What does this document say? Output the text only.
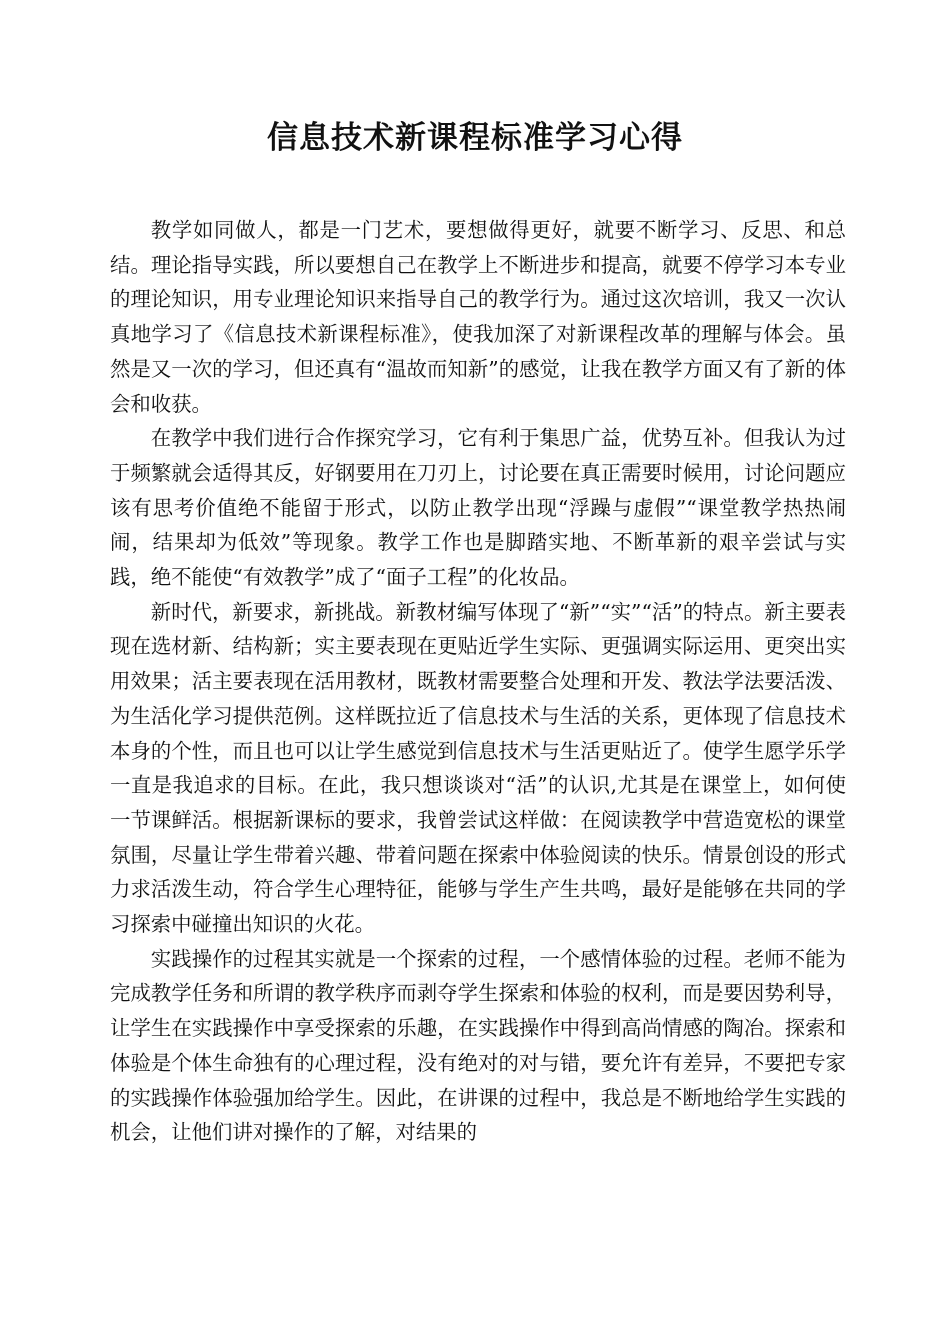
信息技术新课程标准学习心得

教学如同做人，都是一门艺术，要想做得更好，就要不断学习、反思、和总结。理论指导实践，所以要想自己在教学上不断进步和提高，就要不停学习本专业的理论知识，用专业理论知识来指导自己的教学行为。通过这次培训，我又一次认真地学习了《信息技术新课程标准》，使我加深了对新课程改革的理解与体会。虽然是又一次的学习，但还真有“温故而知新”的感觉，让我在教学方面又有了新的体会和收获。

在教学中我们进行合作探究学习，它有利于集思广益，优势互补。但我认为过于频繁就会适得其反，好钢要用在刀刃上，讨论要在真正需要时候用，讨论问题应该有思考价值绝不能留于形式，以防止教学出现“浮躁与虚假”“课堂教学热热闹闹，结果却为低效”等现象。教学工作也是脚踏实地、不断革新的艰辛尝试与实践，绝不能使“有效教学”成了“面子工程”的化妆品。

新时代，新要求，新挑战。新教材编写体现了“新”“实”“活”的特点。新主要表现在选材新、结构新；实主要表现在更贴近学生实际、更强调实际运用、更突出实用效果；活主要表现在活用教材，既教材需要整合处理和开发、教法学法要活泼、为生活化学习提供范例。这样既拉近了信息技术与生活的关系，更体现了信息技术本身的个性，而且也可以让学生感觉到信息技术与生活更贴近了。使学生愿学乐学一直是我追求的目标。在此，我只想谈谈对“活”的认识,尤其是在课堂上，如何使一节课鲜活。根据新课标的要求，我曾尝试这样做：在阅读教学中营造宽松的课堂氛围，尽量让学生带着兴趣、带着问题在探索中体验阅读的快乐。情景创设的形式力求活泼生动，符合学生心理特征，能够与学生产生共鸣，最好是能够在共同的学习探索中碰撞出知识的火花。

实践操作的过程其实就是一个探索的过程，一个感情体验的过程。老师不能为完成教学任务和所谓的教学秩序而剥夺学生探索和体验的权利，而是要因势利导，让学生在实践操作中享受探索的乐趣，在实践操作中得到高尚情感的陶冶。探索和体验是个体生命独有的心理过程，没有绝对的对与错，要允许有差异，不要把专家的实践操作体验强加给学生。因此，在讲课的过程中，我总是不断地给学生实践的机会，让他们讲对操作的了解，对结果的
